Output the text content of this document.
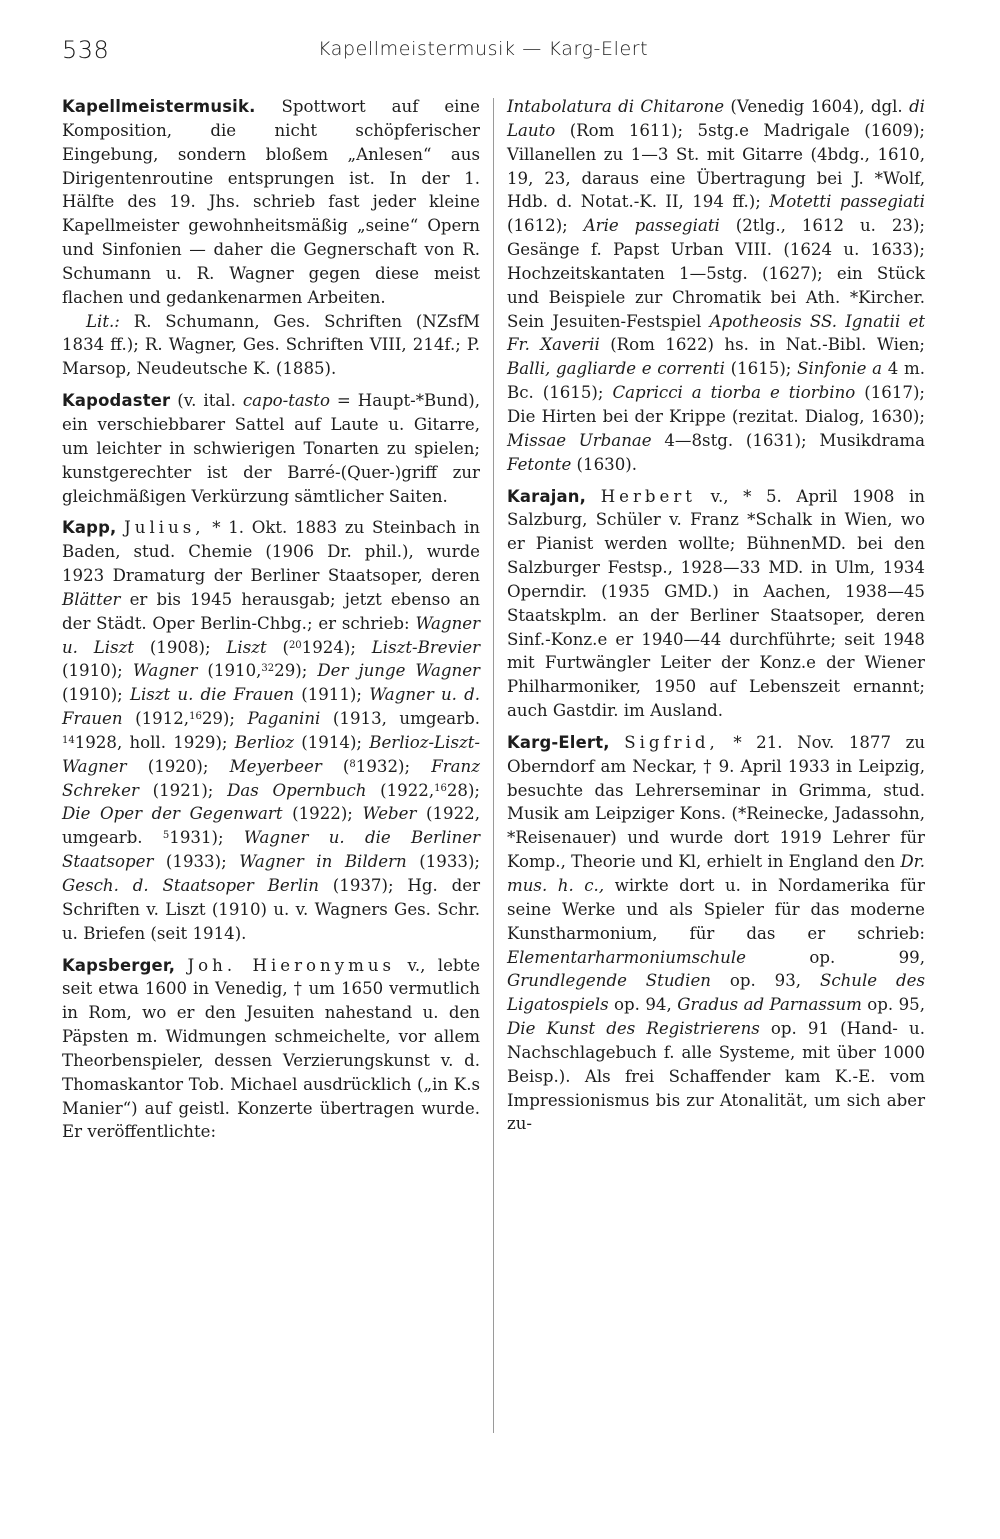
538	Kapellmeistermusik — Karg-Elert

Kapellmeistermusik. Spottwort auf eine Komposition, die nicht schöpferischer Eingebung, sondern bloßem „Anlesen“ aus Dirigentenroutine entsprungen ist. In der 1. Hälfte des 19. Jhs. schrieb fast jeder kleine Kapellmeister gewohnheitsmäßig „seine“ Opern und Sinfonien — daher die Gegnerschaft von R. Schumann u. R. Wagner gegen diese meist flachen und gedankenarmen Arbeiten.
Lit.: R. Schumann, Ges. Schriften (NZsfM 1834 ff.); R. Wagner, Ges. Schriften VIII, 214f.; P. Marsop, Neudeutsche K. (1885).

Kapodaster (v. ital. capo-tasto = Haupt-*Bund), ein verschiebbarer Sattel auf Laute u. Gitarre, um leichter in schwierigen Tonarten zu spielen; kunstgerechter ist der Barré-(Quer-)griff zur gleichmäßigen Verkürzung sämtlicher Saiten.

Kapp, Julius, * 1. Okt. 1883 zu Steinbach in Baden, stud. Chemie (1906 Dr. phil.), wurde 1923 Dramaturg der Berliner Staatsoper, deren Blätter er bis 1945 herausgab; jetzt ebenso an der Städt. Oper Berlin-Chbg.; er schrieb: Wagner u. Liszt (1908); Liszt ($^{20}$1924); Liszt-Brevier (1910); Wagner (1910,3229); Der junge Wagner (1910); Liszt u. die Frauen (1911); Wagner u. d. Frauen (1912,1629); Paganini (1913, umgearb. $^{14}$1928, holl. 1929); Berlioz (1914); Berlioz-Liszt-Wagner (1920); Meyerbeer ($^8$1932); Franz Schreker (1921); Das Opernbuch (1922,1628); Die Oper der Gegenwart (1922); Weber (1922, umgearb. $^5$1931); Wagner u. die Berliner Staatsoper (1933); Wagner in Bildern (1933); Gesch. d. Staatsoper Berlin (1937); Hg. der Schriften v. Liszt (1910) u. v. Wagners Ges. Schr. u. Briefen (seit 1914).

Kapsberger, Joh. Hieronymus v., lebte seit etwa 1600 in Venedig, † um 1650 vermutlich in Rom, wo er den Jesuiten nahestand u. den Päpsten m. Widmungen schmeichelte, vor allem Theorbenspieler, dessen Verzierungskunst v. d. Thomaskantor Tob. Michael ausdrücklich („in K.s Manier“) auf geistl. Konzerte übertragen wurde. Er veröffentlichte:

Intabolatura di Chitarone (Venedig 1604), dgl. di Lauto (Rom 1611); 5stg.e Madrigale (1609); Villanellen zu 1—3 St. mit Gitarre (4bdg., 1610, 19, 23, daraus eine Übertragung bei J. *Wolf, Hdb. d. Notat.-K. II, 194 ff.); Motetti passegiati (1612); Arie passegiati (2tlg., 1612 u. 23); Gesänge f. Papst Urban VIII. (1624 u. 1633); Hochzeitskantaten 1—5stg. (1627); ein Stück und Beispiele zur Chromatik bei Ath. *Kircher. Sein Jesuiten-Festspiel Apotheosis SS. Ignatii et Fr. Xaverii (Rom 1622) hs. in Nat.-Bibl. Wien; Balli, gagliarde e correnti (1615); Sinfonie a 4 m. Bc. (1615); Capricci a tiorba e tiorbino (1617); Die Hirten bei der Krippe (rezitat. Dialog, 1630); Missae Urbanae 4—8stg. (1631); Musikdrama Fetonte (1630).

Karajan, Herbert v., * 5. April 1908 in Salzburg, Schüler v. Franz *Schalk in Wien, wo er Pianist werden wollte; BühnenMD. bei den Salzburger Festsp., 1928—33 MD. in Ulm, 1934 Operndir. (1935 GMD.) in Aachen, 1938—45 Staatskplm. an der Berliner Staatsoper, deren Sinf.-Konz.e er 1940—44 durchführte; seit 1948 mit Furtwängler Leiter der Konz.e der Wiener Philharmoniker, 1950 auf Lebenszeit ernannt; auch Gastdir. im Ausland.

Karg-Elert, Sigfrid, * 21. Nov. 1877 zu Oberndorf am Neckar, † 9. April 1933 in Leipzig, besuchte das Lehrerseminar in Grimma, stud. Musik am Leipziger Kons. (*Reinecke, Jadassohn, *Reisenauer) und wurde dort 1919 Lehrer für Komp., Theorie und Kl, erhielt in England den Dr. mus. h. c., wirkte dort u. in Nordamerika für seine Werke und als Spieler für das moderne Kunstharmonium, für das er schrieb: Elementarharmoniumschule	op. 99, Grundlegende Studien op. 93, Schule des Ligatospiels op. 94, Gradus ad Parnassum op. 95, Die Kunst des Registrierens op. 91 (Hand- u. Nachschlagebuch f. alle Systeme, mit über 1000 Beisp.). Als frei Schaffender kam K.-E. vom Impressionismus bis zur Atonalität, um sich aber zu-
